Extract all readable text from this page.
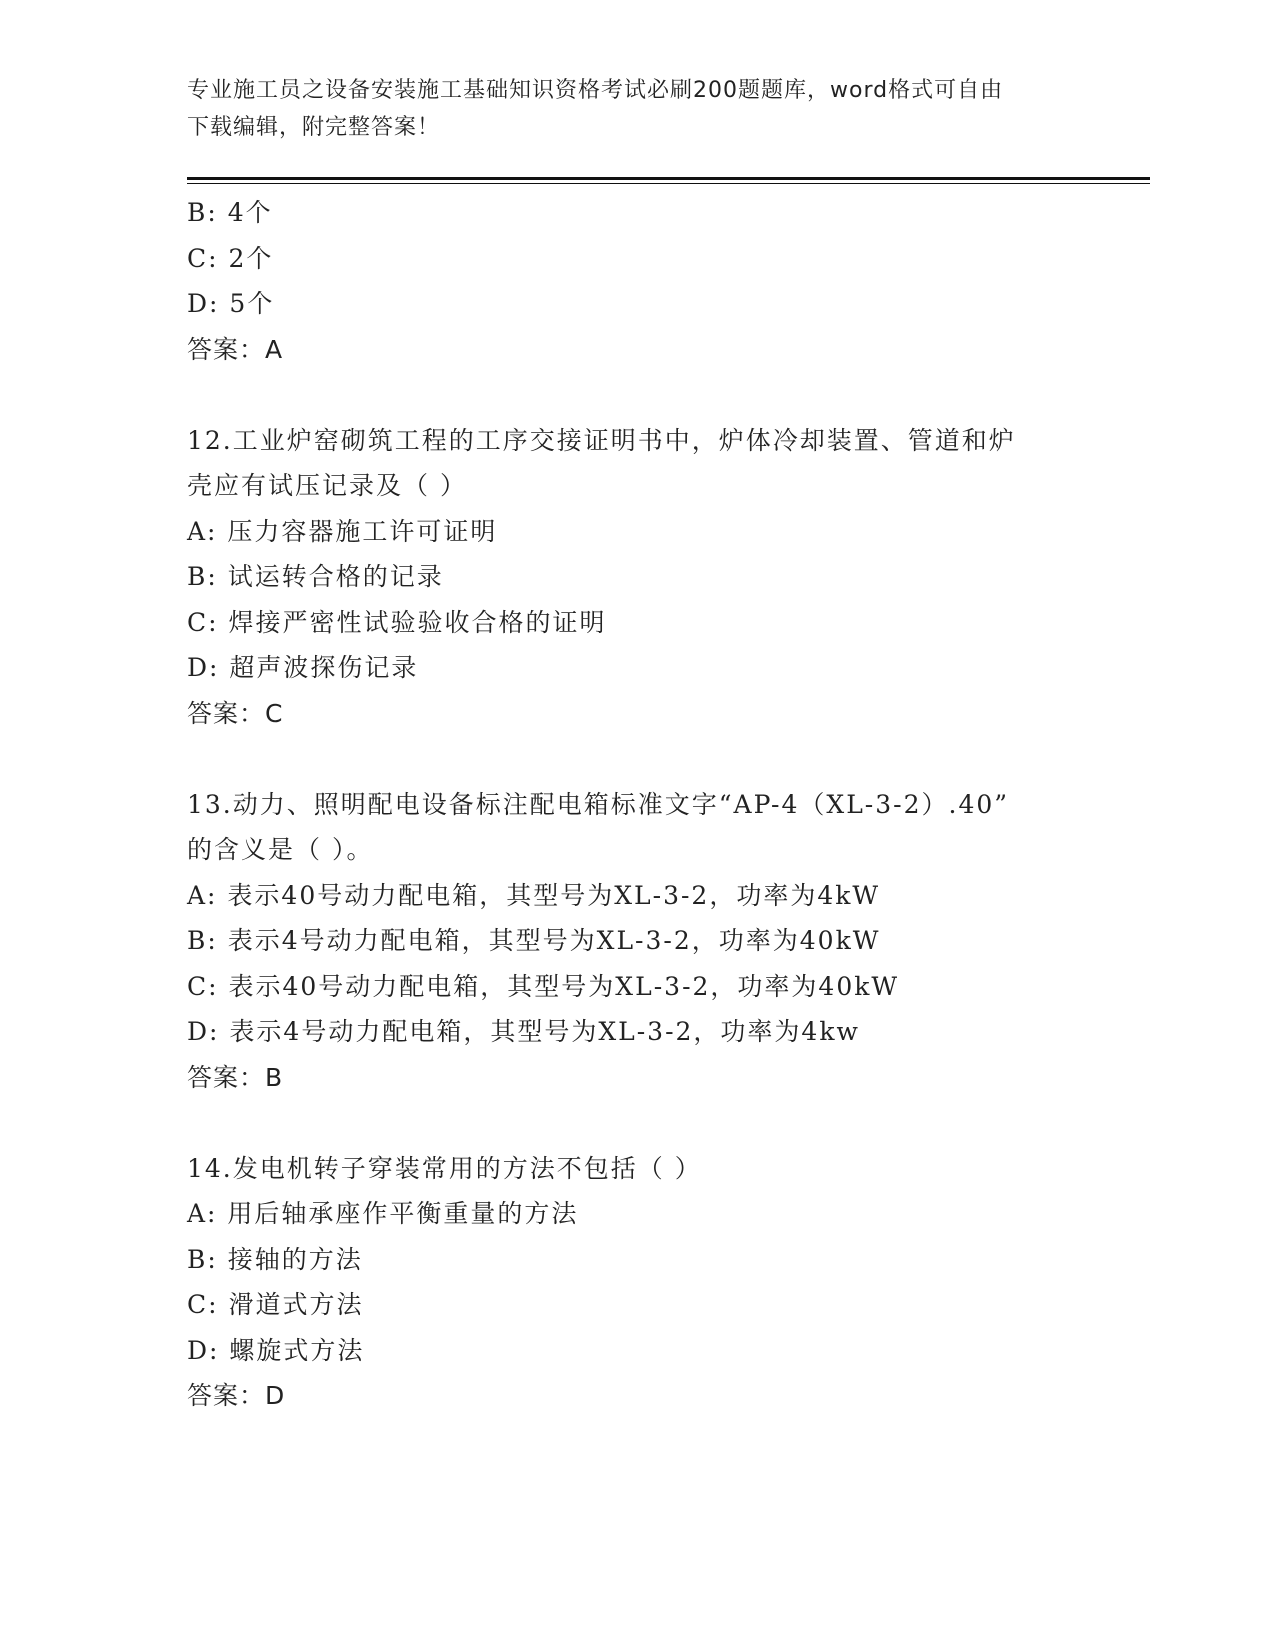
专业施工员之设备安装施工基础知识资格考试必刷200题题库，word格式可自由
下载编辑，附完整答案！
B: 4个
C: 2个
D: 5个
答案：A
12.工业炉窑砌筑工程的工序交接证明书中，炉体冷却装置、管道和炉
壳应有试压记录及（ ）
A: 压力容器施工许可证明
B: 试运转合格的记录
C: 焊接严密性试验验收合格的证明
D: 超声波探伤记录
答案：C
13.动力、照明配电设备标注配电箱标准文字“AP-4（XL-3-2）.40”
的含义是（ ）。
A: 表示40号动力配电箱，其型号为XL-3-2，功率为4kW
B: 表示4号动力配电箱，其型号为XL-3-2，功率为40kW
C: 表示40号动力配电箱，其型号为XL-3-2，功率为40kW
D: 表示4号动力配电箱，其型号为XL-3-2，功率为4kw
答案：B
14.发电机转子穿装常用的方法不包括（ ）
A: 用后轴承座作平衡重量的方法
B: 接轴的方法
C: 滑道式方法
D: 螺旋式方法
答案：D
